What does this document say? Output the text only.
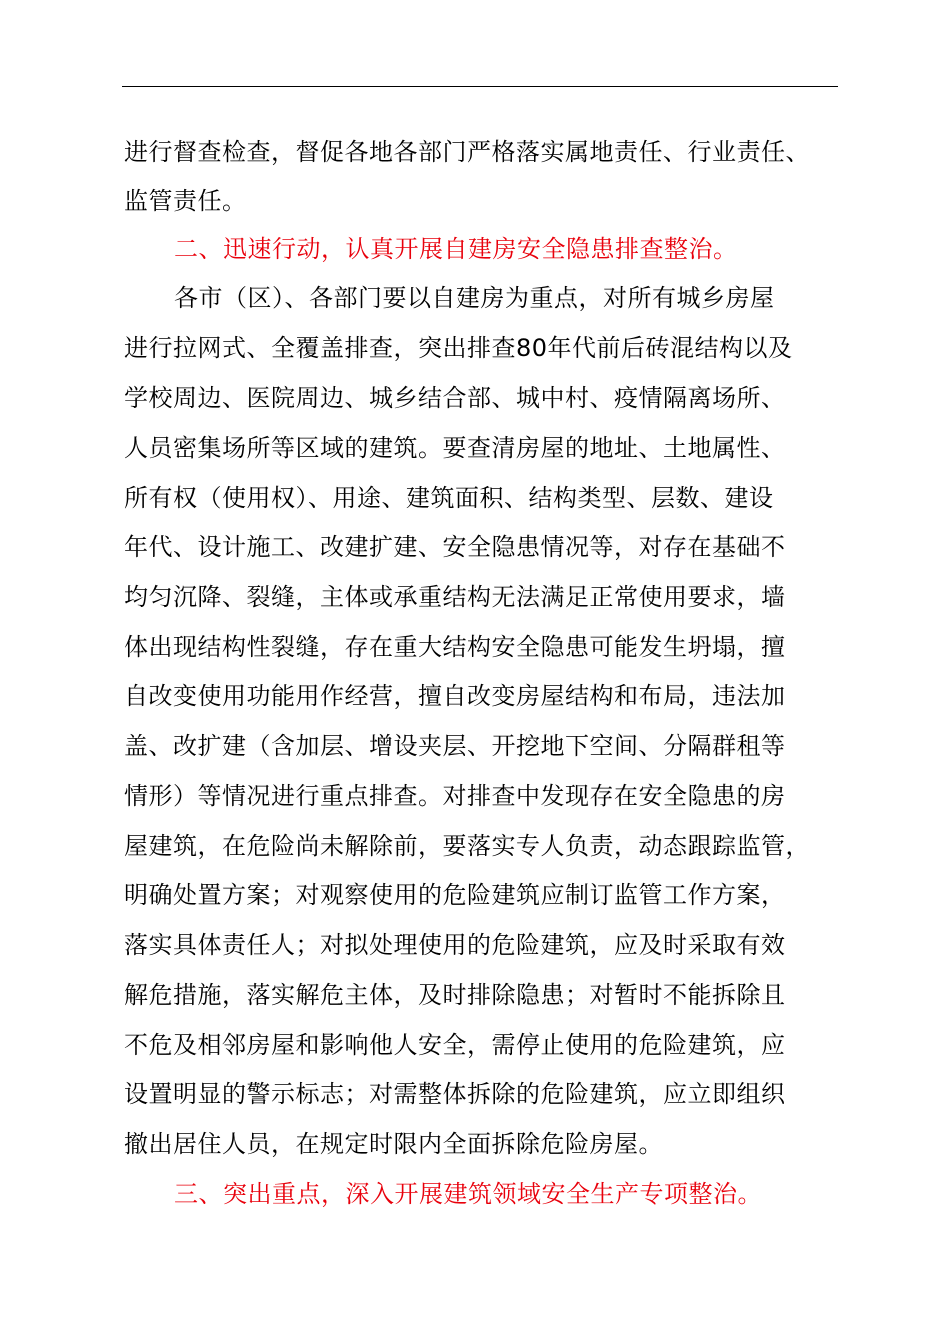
进行督查检查，督促各地各部门严格落实属地责任、行业责任、
监管责任。
二、迅速行动，认真开展自建房安全隐患排查整治。
各市（区）、各部门要以自建房为重点，对所有城乡房屋
进行拉网式、全覆盖排查，突出排查80年代前后砖混结构以及
学校周边、医院周边、城乡结合部、城中村、疫情隔离场所、
人员密集场所等区域的建筑。要查清房屋的地址、土地属性、
所有权（使用权）、用途、建筑面积、结构类型、层数、建设
年代、设计施工、改建扩建、安全隐患情况等，对存在基础不
均匀沉降、裂缝，主体或承重结构无法满足正常使用要求，墙
体出现结构性裂缝，存在重大结构安全隐患可能发生坍塌，擅
自改变使用功能用作经营，擅自改变房屋结构和布局，违法加
盖、改扩建（含加层、增设夹层、开挖地下空间、分隔群租等
情形）等情况进行重点排查。对排查中发现存在安全隐患的房
屋建筑，在危险尚未解除前，要落实专人负责，动态跟踪监管，
明确处置方案；对观察使用的危险建筑应制订监管工作方案，
落实具体责任人；对拟处理使用的危险建筑，应及时采取有效
解危措施，落实解危主体，及时排除隐患；对暂时不能拆除且
不危及相邻房屋和影响他人安全，需停止使用的危险建筑，应
设置明显的警示标志；对需整体拆除的危险建筑，应立即组织
撤出居住人员，在规定时限内全面拆除危险房屋。
三、突出重点，深入开展建筑领域安全生产专项整治。
